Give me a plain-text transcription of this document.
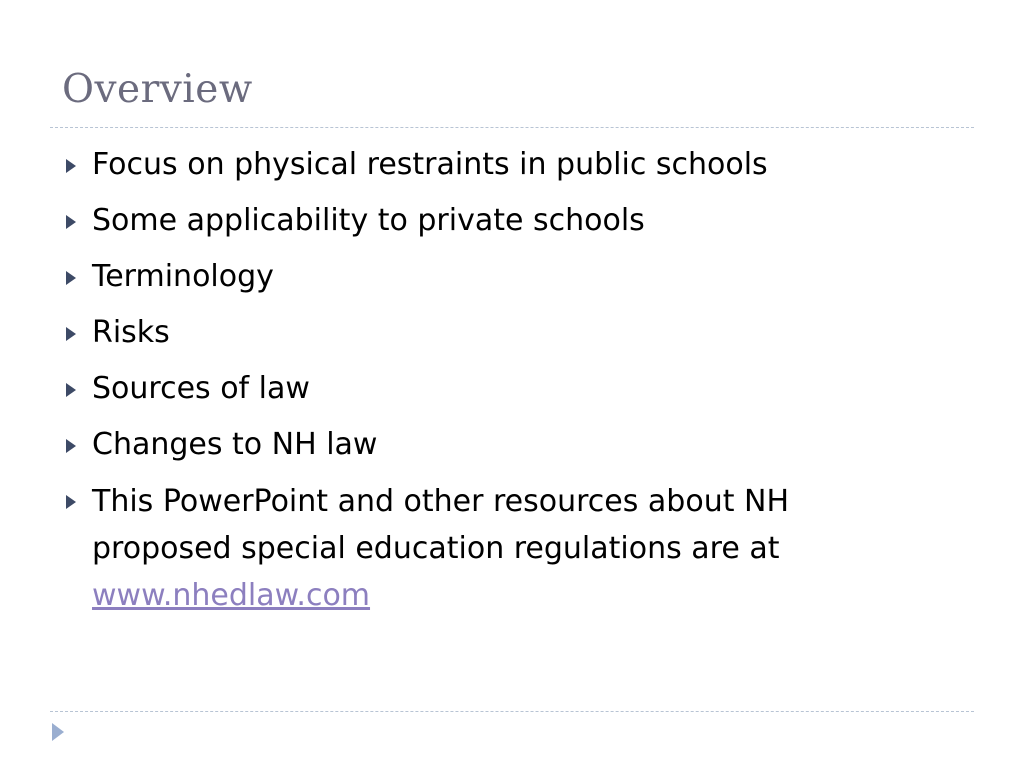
Overview
Focus on physical restraints in public schools
Some applicability to private schools
Terminology
Risks
Sources of law
Changes to NH law
This PowerPoint and other resources about NH
proposed special education regulations are at
www.nhedlaw.com
